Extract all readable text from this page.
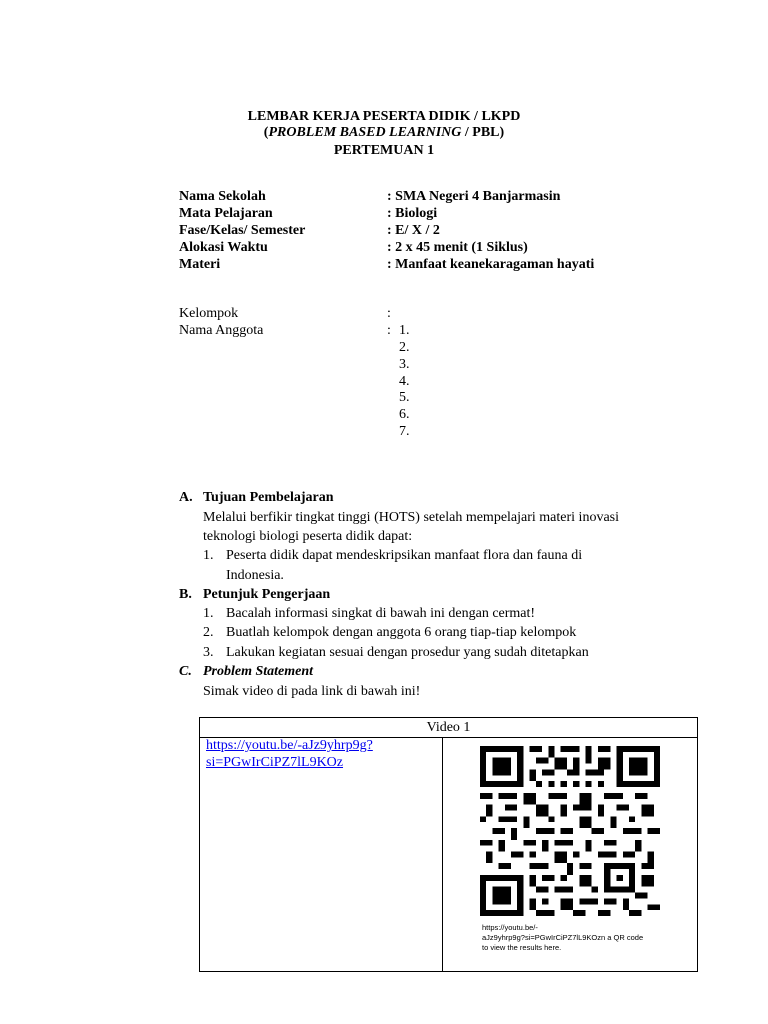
LEMBAR KERJA PESERTA DIDIK / LKPD
(PROBLEM BASED LEARNING / PBL)
PERTEMUAN 1
Nama Sekolah	: SMA Negeri 4 Banjarmasin
Mata Pelajaran	: Biologi
Fase/Kelas/ Semester	: E/ X / 2
Alokasi Waktu	: 2 x 45 menit (1 Siklus)
Materi	: Manfaat keanekaragaman hayati
Kelompok	:
Nama Anggota	: 1.
2.
3.
4.
5.
6.
7.
A. Tujuan Pembelajaran
Melalui berfikir tingkat tinggi (HOTS) setelah mempelajari materi inovasi
teknologi biologi peserta didik dapat:
1. Peserta didik dapat mendeskripsikan manfaat flora dan fauna di
Indonesia.
B. Petunjuk Pengerjaan
1. Bacalah informasi singkat di bawah ini dengan cermat!
2. Buatlah kelompok dengan anggota 6 orang tiap-tiap kelompok
3. Lakukan kegiatan sesuai dengan prosedur yang sudah ditetapkan
C. Problem Statement
Simak video di pada link di bawah ini!
Video 1
https://youtu.be/-aJz9yhrp9g?
si=PGwIrCiPZ7lL9KOz
https://youtu.be/-
aJz9yhrp9g?si=PGwIrCiPZ7lL9KOzn a QR code
to view the results here.
